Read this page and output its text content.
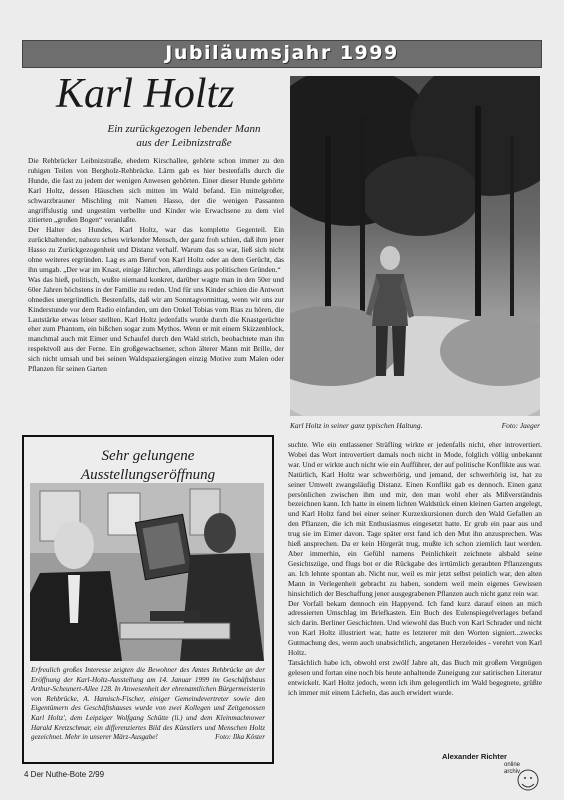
Jubiläumsjahr 1999
Karl Holtz
Ein zurückgezogen lebender Mann
aus der Leibnizstraße

Die Rehbrücker Leibnizstraße, ehedem Kirschallee, gehörte schon immer zu den ruhigen Teilen von Bergholz-Rehbrücke. Lärm gab es hier bestenfalls durch die Hunde, die fast zu jedem der wenigen Anwesen gehörten. Einer dieser Hunde gehörte Karl Holtz, dessen Häuschen sich mitten im Wald befand. Ein mittelgroßer, schwarzbrauner Mischling mit Namen Hasso, der die wenigen Passanten angriffslustig und ungestüm verbellte und Kinder wie Erwachsene zu dem viel zitierten „großen Bogen“ veranlaßte.

Der Halter des Hundes, Karl Holtz, war das komplette Gegenteil. Ein zurückhaltender, nahezu scheu wirkender Mensch, der ganz froh schien, daß ihm jener Hasso zu Zurückgezogenheit und Distanz verhalf. Warum das so war, ließ sich nicht ohne weiteres ergründen. Lag es am Beruf von Karl Holtz oder an dem Gerücht, das ihn umgab. „Der war im Knast, einige Jährchen, allerdings aus politischen Gründen.“

Was das hieß, politisch, wußte niemand konkret, darüber wagte man in den 50er und 60er Jahren höchstens in der Familie zu reden. Und für uns Kinder schien die Antwort ohnedies unergründlich. Bestenfalls, daß wir am Sonntagvormittag, wenn wir uns zur Kinderstunde vor dem Radio einfanden, um den Onkel Tobias vom Rias zu hören, die Lautstärke etwas leiser stellten. Karl Holtz jedenfalls wurde durch die Knastgerüchte eher zum Phantom, ein bißchen sogar zum Mythos. Wenn er mit einem Skizzenblock, manchmal auch mit Eimer und Schaufel durch den Wald strich, beobachtete man ihn respektvoll aus der Ferne. Ein großgewachsener, schon älterer Mann mit Brille, der sich nicht umsah und bei seinen Waldspaziergängen einzig Motive zum Malen oder Pflanzen für seinen Garten

Karl Holtz in seiner ganz typischen Haltung.	Foto: Jaeger
Sehr gelungene
Ausstellungseröffnung
Erfreulich großes Interesse zeigten die Bewohner des Amtes Rehbrücke an der Eröffnung der Karl-Holtz-Ausstellung am 14. Januar 1999 im Geschäftshaus Arthur-Scheunert-Allee 128. In Anwesenheit der ehrenamtlichen Bürgermeisterin von Rehbrücke, A. Hamisch-Fischer, einiger Gemeindevertreter sowie den Eigentümern des Geschäftshauses wurde von zwei Kollegen und Zeitgenossen Karl Holtz', dem Leipziger Wolfgang Schütte (li.) und dem Kleinmachnower Harald Kretzschmar, ein differenziertes Bild des Künstlers und Menschen Holtz gezeichnet. Mehr in unserer März-Ausgabe!	Foto: Ilka Köster

suchte. Wie ein entlassener Sträfling wirkte er jedenfalls nicht, eher introvertiert. Wobei das Wort introvertiert damals noch nicht in Mode, folglich völlig unbekannt war. Und er wirkte auch nicht wie ein Aufführer, der auf politische Konflikte aus war.

Natürlich, Karl Holtz war schwerhörig, und jemand, der schwerhörig ist, hat zu seiner Umwelt zwangsläufig Distanz. Einen Konflikt gab es dennoch. Einen ganz persönlichen zwischen ihm und mir, den man wohl eher als Mißverständnis bezeichnen kann. Ich hatte in einem lichten Waldstück einen kleinen Garten angelegt, und Karl Holtz fand bei einer seiner Kurzexkursionen durch den Wald Gefallen an den Pflanzen, die ich mit Enthusiasmus eingesetzt hatte. Er grub ein paar aus und trug sie im Eimer davon. Tage später erst fand ich den Mut ihn anzusprechen. Was hieß ansprechen. Da er kein Hörgerät trug, mußte ich schon ziemlich laut werden. Aber immerhin, ein Gefühl namens Peinlichkeit zeichnete alsbald seine Gesichtszüge, und flugs bot er die Rückgabe des irrtümlich geraubten Pflanzenguts an. Ich lehnte spontan ab. Nicht nur, weil es mir jetzt selbst peinlich war, den alten Mann in Verlegenheit gebracht zu haben, sondern weil mein eigenes Gewissen hinsichtlich der Beschaffung jener ausgegrabenen Pflanzen auch nicht ganz rein war.

Der Vorfall bekam dennoch ein Happyend. Ich fand kurz darauf einen an mich adressierten Umschlag im Briefkasten. Ein Buch des Eulenspiegelverlages befand sich darin. Berliner Geschichten. Und wiewohl das Buch von Karl Schrader und nicht von Karl Holtz illustriert war, hatte es letzterer mit den Worten signiert...zwecks Gutmachung des, wenn auch unabsichtlich, angetanen Herzeleides - verehrt von Karl Holtz.

Tatsächlich habe ich, obwohl erst zwölf Jahre alt, das Buch mit großem Vergnügen gelesen und fortan eine noch bis heute anhaltende Zuneigung zur satirischen Literatur entwickelt. Karl Holtz jedoch, wenn ich ihm gelegentlich im Wald begegnete, grüßte ich immer mit einem Lächeln, das auch erwidert wurde.

Alexander Richter
4 Der Nuthe-Bote 2/99
online
archiv
